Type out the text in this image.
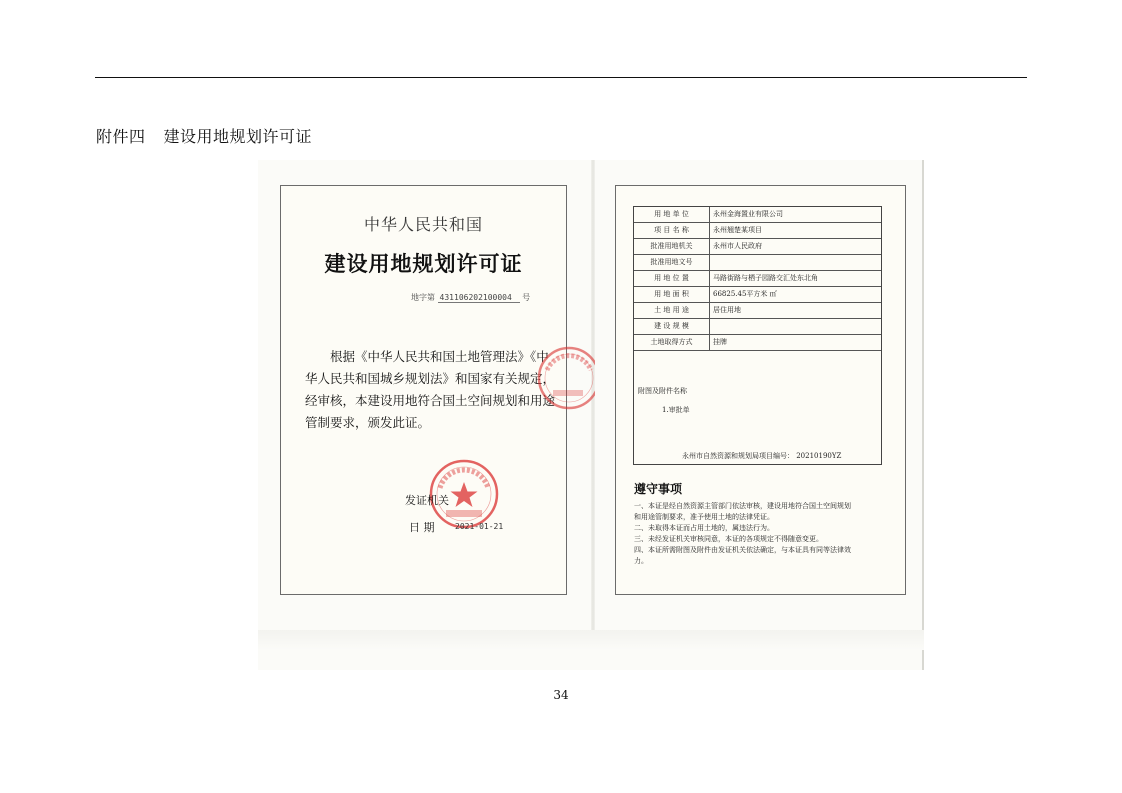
附件四 建设用地规划许可证
中华人民共和国
建设用地规划许可证
地字第 431106202100004 号
根据《中华人民共和国土地管理法》《中华人民共和国城乡规划法》和国家有关规定，经审核，本建设用地符合国土空间规划和用途管制要求，颁发此证。
发证机关
日 期	2021-01-21
用 地 单 位	永州金海置业有限公司
项 目 名 称	永州翘楚某项目
批准用地机关	永州市人民政府
批准用地文号
用 地 位 置	马路街路与栖子园路交汇处东北角
用 地 面 积	66825.45平方米 ㎡
土 地 用 途	居住用地
建 设 规 模
土地取得方式	挂牌
附图及附件名称
1.审批单
永州市自然资源和规划局项目编号： 20210190YZ
遵守事项
一、本证是经自然资源主管部门依法审核，建设用地符合国土空间规划
和用途管制要求，准予使用土地的法律凭证。
二、未取得本证而占用土地的，属违法行为。
三、未经发证机关审核同意，本证的各项规定不得随意变更。
四、本证所需附图及附件由发证机关依法确定，与本证具有同等法律效
力。
34
